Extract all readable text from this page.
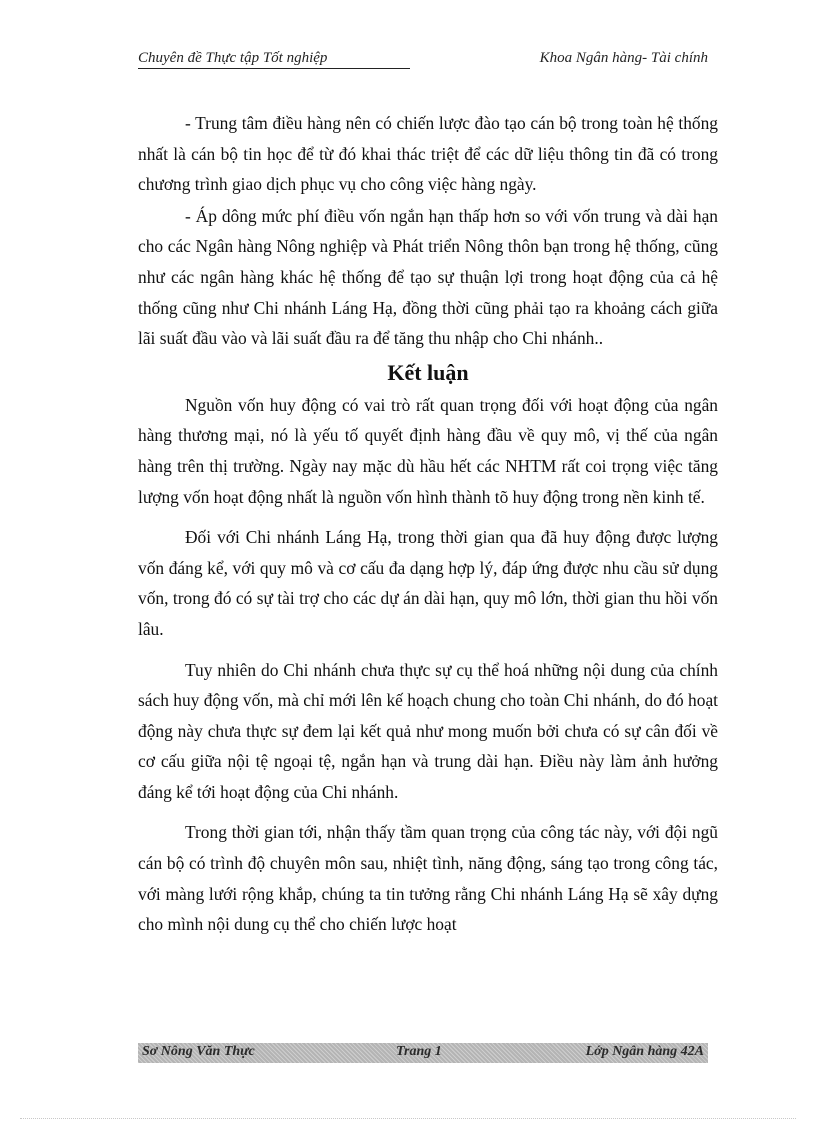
Chuyên đề Thực tập Tốt nghiệp	Khoa Ngân hàng- Tài chính

- Trung tâm điều hàng nên có chiến lược đào tạo cán bộ trong toàn hệ thống nhất là cán bộ tin học để từ đó khai thác triệt để các dữ liệu thông tin đã có trong chương trình giao dịch phục vụ cho công việc hàng ngày.

- Áp dông mức phí điều vốn ngắn hạn thấp hơn so với vốn trung và dài hạn cho các Ngân hàng Nông nghiệp và Phát triển Nông thôn bạn trong hệ thống, cũng như các ngân hàng khác hệ thống để tạo sự thuận lợi trong hoạt động của cả hệ thống cũng như Chi nhánh Láng Hạ, đồng thời cũng phải tạo ra khoảng cách giữa lãi suất đầu vào và lãi suất đầu ra để tăng thu nhập cho Chi nhánh..

Kết luận

Nguồn vốn huy động có vai trò rất quan trọng đối với hoạt động của ngân hàng thương mại, nó là yếu tố quyết định hàng đầu về quy mô, vị thế của ngân hàng trên thị trường. Ngày nay mặc dù hầu hết các NHTM rất coi trọng việc tăng lượng vốn hoạt động nhất là nguồn vốn hình thành tõ huy động trong nền kinh tế.

Đối với Chi nhánh Láng Hạ, trong thời gian qua đã huy động được lượng vốn đáng kể, với quy mô và cơ cấu đa dạng hợp lý, đáp ứng được nhu cầu sử dụng vốn, trong đó có sự tài trợ cho các dự án dài hạn, quy mô lớn, thời gian thu hồi vốn lâu.

Tuy nhiên do Chi nhánh chưa thực sự cụ thể hoá những nội dung của chính sách huy động vốn, mà chỉ mới lên kế hoạch chung cho toàn Chi nhánh, do đó hoạt động này chưa thực sự đem lại kết quả như mong muốn bởi chưa có sự cân đối về cơ cấu giữa nội tệ ngoại tệ, ngắn hạn và trung dài hạn. Điều này làm ảnh hưởng đáng kể tới hoạt động của Chi nhánh.

Trong thời gian tới, nhận thấy tầm quan trọng của công tác này, với đội ngũ cán bộ có trình độ chuyên môn sau, nhiệt tình, năng động, sáng tạo trong công tác, với màng lưới rộng khắp, chúng ta tin tưởng rằng Chi nhánh Láng Hạ sẽ xây dựng cho mình nội dung cụ thể cho chiến lược hoạt

Sơ Nông Văn Thực	Trang 1	Lớp Ngân hàng 42A
